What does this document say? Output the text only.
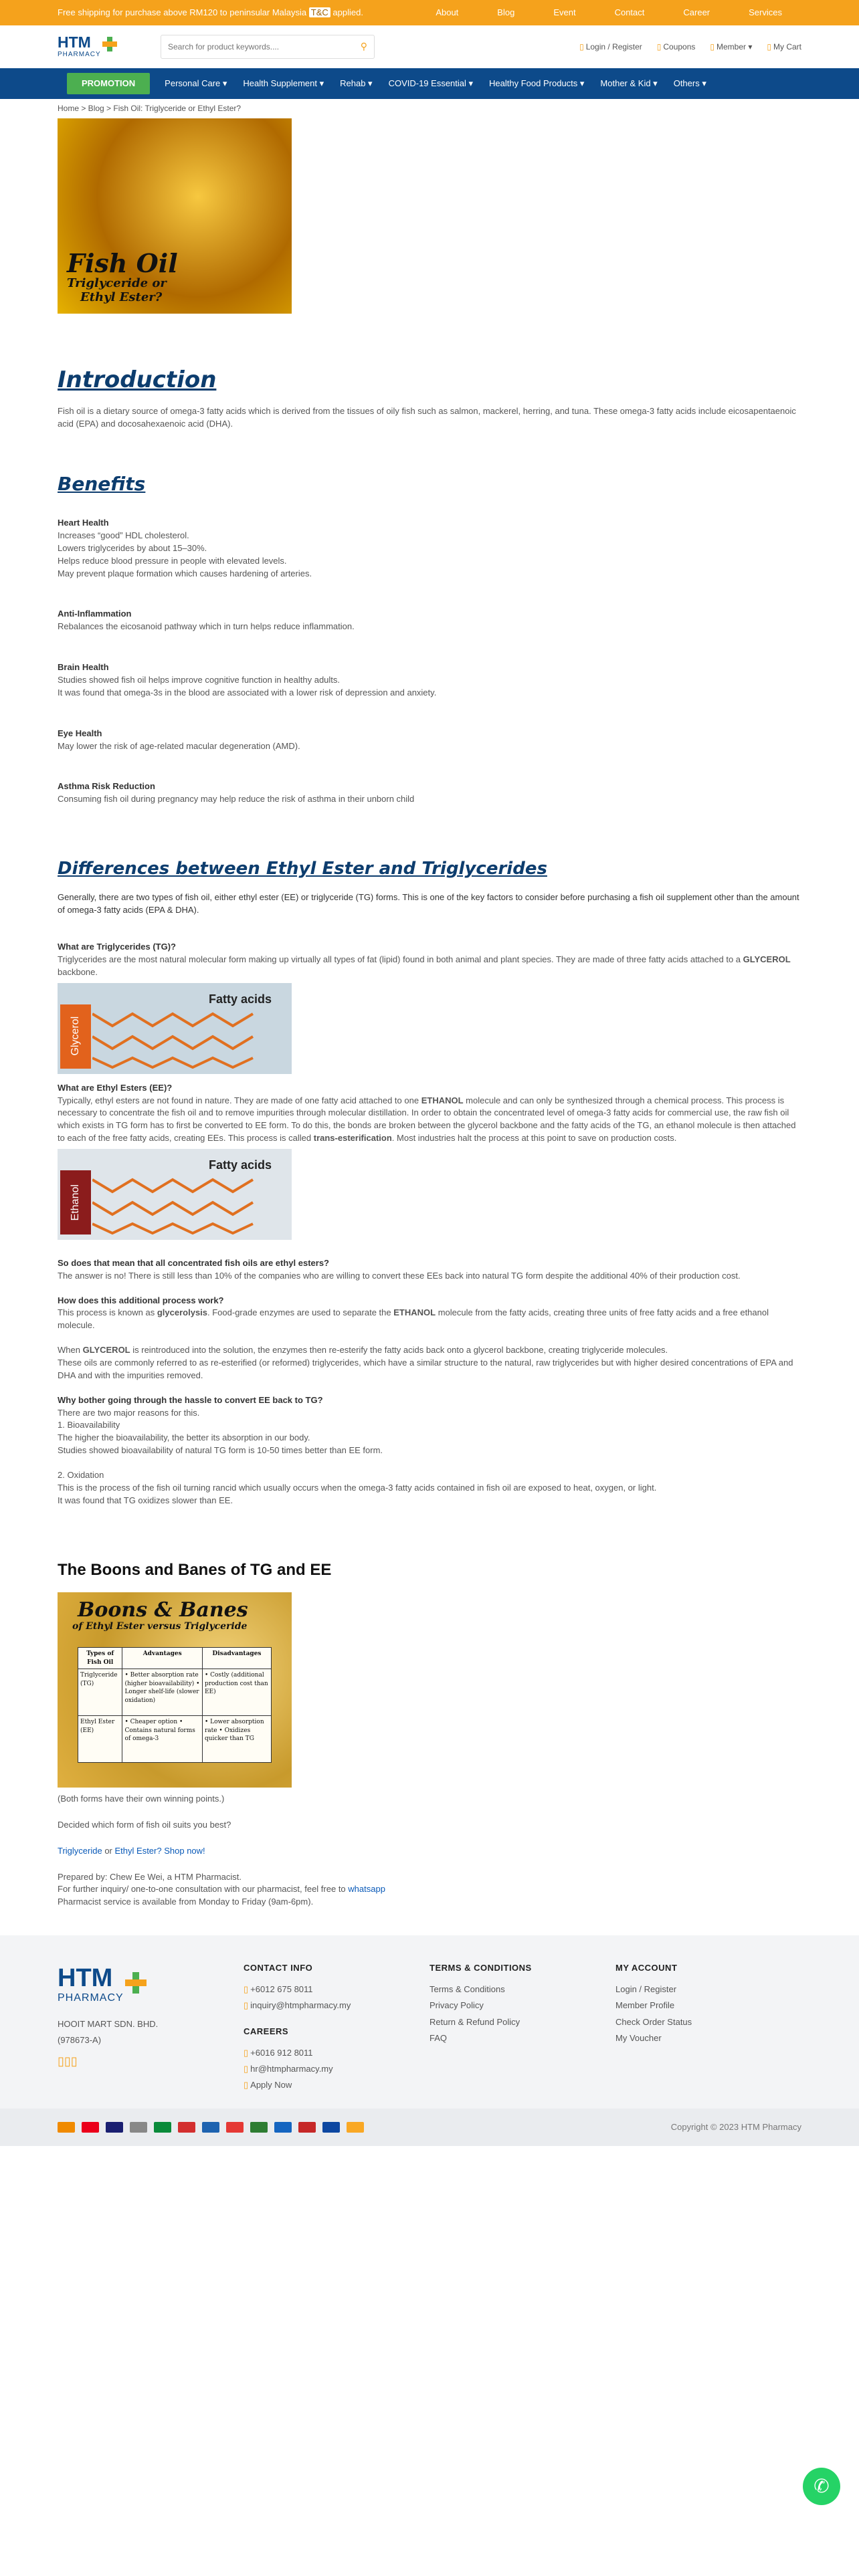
Free shipping for purchase above RM120 to peninsular Malaysia T&C applied.	About	Blog	Event	Contact	Career	Services
HTM
PHARMACY
Search for product keywords....
⚲	▯ Login / Register ▯ Coupons ▯ Member ▾ ▯ My Cart
PROMOTION	Personal Care ▾	Health Supplement ▾	Rehab ▾	COVID-19 Essential ▾	Healthy Food Products ▾	Mother & Kid ▾	Others ▾
Home > Blog > Fish Oil: Triglyceride or Ethyl Ester?
Fish Oil
Triglyceride or
Ethyl Ester?
Introduction
Fish oil is a dietary source of omega-3 fatty acids which is derived from the tissues of oily fish such as salmon, mackerel, herring, and tuna. These omega-3 fatty acids include eicosapentaenoic acid (EPA) and docosahexaenoic acid (DHA).
Benefits
Heart Health
Increases “good” HDL cholesterol.
Lowers triglycerides by about 15–30%.
Helps reduce blood pressure in people with elevated levels.
May prevent plaque formation which causes hardening of arteries.
Anti-Inflammation
Rebalances the eicosanoid pathway which in turn helps reduce inflammation.
Brain Health
Studies showed fish oil helps improve cognitive function in healthy adults.
It was found that omega-3s in the blood are associated with a lower risk of depression and anxiety.
Eye Health
May lower the risk of age-related macular degeneration (AMD).
Asthma Risk Reduction
Consuming fish oil during pregnancy may help reduce the risk of asthma in their unborn child
Differences between Ethyl Ester and Triglycerides
Generally, there are two types of fish oil, either ethyl ester (EE) or triglyceride (TG) forms. This is one of the key factors to consider before purchasing a fish oil supplement other than the amount of omega-3 fatty acids (EPA & DHA).
What are Triglycerides (TG)?
Triglycerides are the most natural molecular form making up virtually all types of fat (lipid) found in both animal and plant species. They are made of three fatty acids attached to a GLYCEROL backbone.
Fatty acids
Glycerol
What are Ethyl Esters (EE)?
Typically, ethyl esters are not found in nature. They are made of one fatty acid attached to one ETHANOL molecule and can only be synthesized through a chemical process. This process is necessary to concentrate the fish oil and to remove impurities through molecular distillation. In order to obtain the concentrated level of omega-3 fatty acids for commercial use, the raw fish oil which exists in TG form has to first be converted to EE form. To do this, the bonds are broken between the glycerol backbone and the fatty acids of the TG, an ethanol molecule is then attached to each of the free fatty acids, creating EEs. This process is called trans-esterification. Most industries halt the process at this point to save on production costs.
Fatty acids
Ethanol
So does that mean that all concentrated fish oils are ethyl esters?
The answer is no! There is still less than 10% of the companies who are willing to convert these EEs back into natural TG form despite the additional 40% of their production cost.
How does this additional process work?
This process is known as glycerolysis. Food-grade enzymes are used to separate the ETHANOL molecule from the fatty acids, creating three units of free fatty acids and a free ethanol molecule.
When GLYCEROL is reintroduced into the solution, the enzymes then re-esterify the fatty acids back onto a glycerol backbone, creating triglyceride molecules.
These oils are commonly referred to as re-esterified (or reformed) triglycerides, which have a similar structure to the natural, raw triglycerides but with higher desired concentrations of EPA and DHA and with the impurities removed.
Why bother going through the hassle to convert EE back to TG?
There are two major reasons for this.
1. Bioavailability
The higher the bioavailability, the better its absorption in our body.
Studies showed bioavailability of natural TG form is 10-50 times better than EE form.
2. Oxidation
This is the process of the fish oil turning rancid which usually occurs when the omega-3 fatty acids contained in fish oil are exposed to heat, oxygen, or light.
It was found that TG oxidizes slower than EE.
The Boons and Banes of TG and EE
Boons & Banes
of Ethyl Ester versus Triglyceride
Types of Fish Oil	Advantages	Disadvantages
Triglyceride (TG)	• Better absorption rate (higher bioavailability) • Longer shelf-life (slower oxidation)	• Costly (additional production cost than EE)
Ethyl Ester (EE)	• Cheaper option • Contains natural forms of omega-3	• Lower absorption rate • Oxidizes quicker than TG
(Both forms have their own winning points.)
Decided which form of fish oil suits you best?
Triglyceride or Ethyl Ester? Shop now!
Prepared by: Chew Ee Wei, a HTM Pharmacist.
For further inquiry/ one-to-one consultation with our pharmacist, feel free to whatsapp
Pharmacist service is available from Monday to Friday (9am-6pm).
HTM
PHARMACY
HOOIT MART SDN. BHD.
(978673-A)
▯▯▯
CONTACT INFO
▯ +6012 675 8011
▯ inquiry@htmpharmacy.my
CAREERS
▯ +6016 912 8011
▯ hr@htmpharmacy.my
▯ Apply Now
TERMS & CONDITIONS
Terms & Conditions
Privacy Policy
Return & Refund Policy
FAQ
MY ACCOUNT
Login / Register
Member Profile
Check Order Status
My Voucher
Copyright © 2023 HTM Pharmacy
✆
